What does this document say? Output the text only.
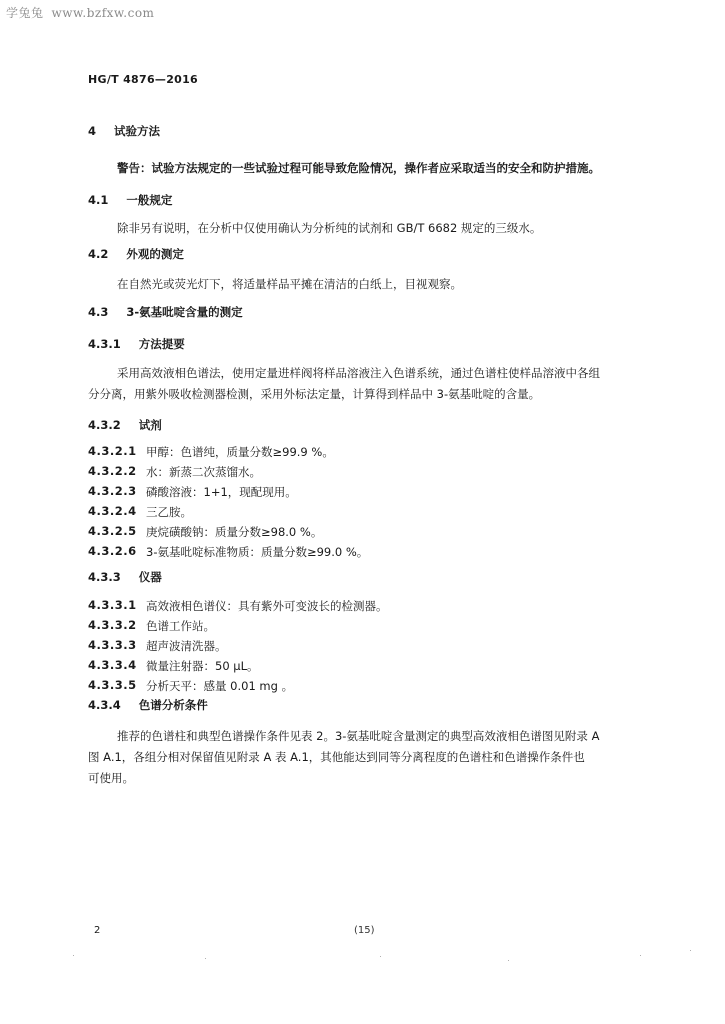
学兔兔 www.bzfxw.com
HG/T 4876—2016
4 试验方法
警告：试验方法规定的一些试验过程可能导致危险情况，操作者应采取适当的安全和防护措施。
4.1 一般规定
除非另有说明，在分析中仅使用确认为分析纯的试剂和 GB/T 6682 规定的三级水。
4.2 外观的测定
在自然光或荧光灯下，将适量样品平摊在清洁的白纸上，目视观察。
4.3 3-氨基吡啶含量的测定
4.3.1 方法提要
采用高效液相色谱法，使用定量进样阀将样品溶液注入色谱系统，通过色谱柱使样品溶液中各组
分分离，用紫外吸收检测器检测，采用外标法定量，计算得到样品中 3-氨基吡啶的含量。
4.3.2 试剂
4.3.2.1 甲醇：色谱纯，质量分数≥99.9 %。
4.3.2.2 水：新蒸二次蒸馏水。
4.3.2.3 磷酸溶液：1+1，现配现用。
4.3.2.4 三乙胺。
4.3.2.5 庚烷磺酸钠：质量分数≥98.0 %。
4.3.2.6 3-氨基吡啶标准物质：质量分数≥99.0 %。
4.3.3 仪器
4.3.3.1 高效液相色谱仪：具有紫外可变波长的检测器。
4.3.3.2 色谱工作站。
4.3.3.3 超声波清洗器。
4.3.3.4 微量注射器：50 μL。
4.3.3.5 分析天平：感量 0.01 mg 。
4.3.4 色谱分析条件
推荐的色谱柱和典型色谱操作条件见表 2。3-氨基吡啶含量测定的典型高效液相色谱图见附录 A
图 A.1，各组分相对保留值见附录 A 表 A.1，其他能达到同等分离程度的色谱柱和色谱操作条件也
可使用。
2	(15)
